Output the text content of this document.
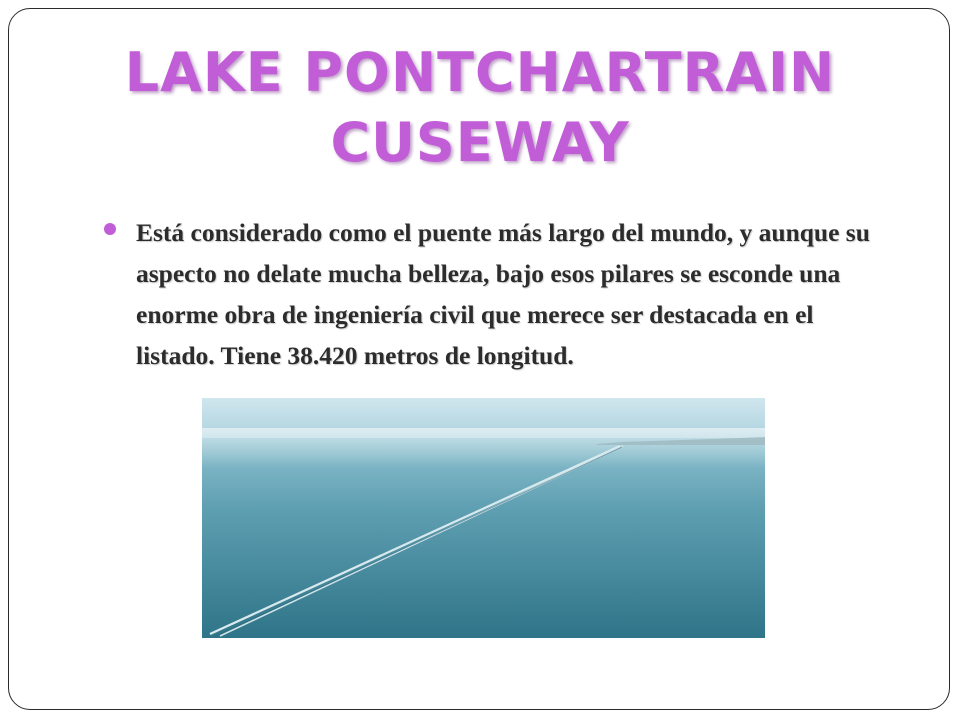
LAKE PONTCHARTRAIN
CUSEWAY

Está considerado como el puente más largo del mundo, y aunque su aspecto no delate mucha belleza, bajo esos pilares se esconde una enorme obra de ingeniería civil que merece ser destacada en el listado. Tiene 38.420 metros de longitud.
